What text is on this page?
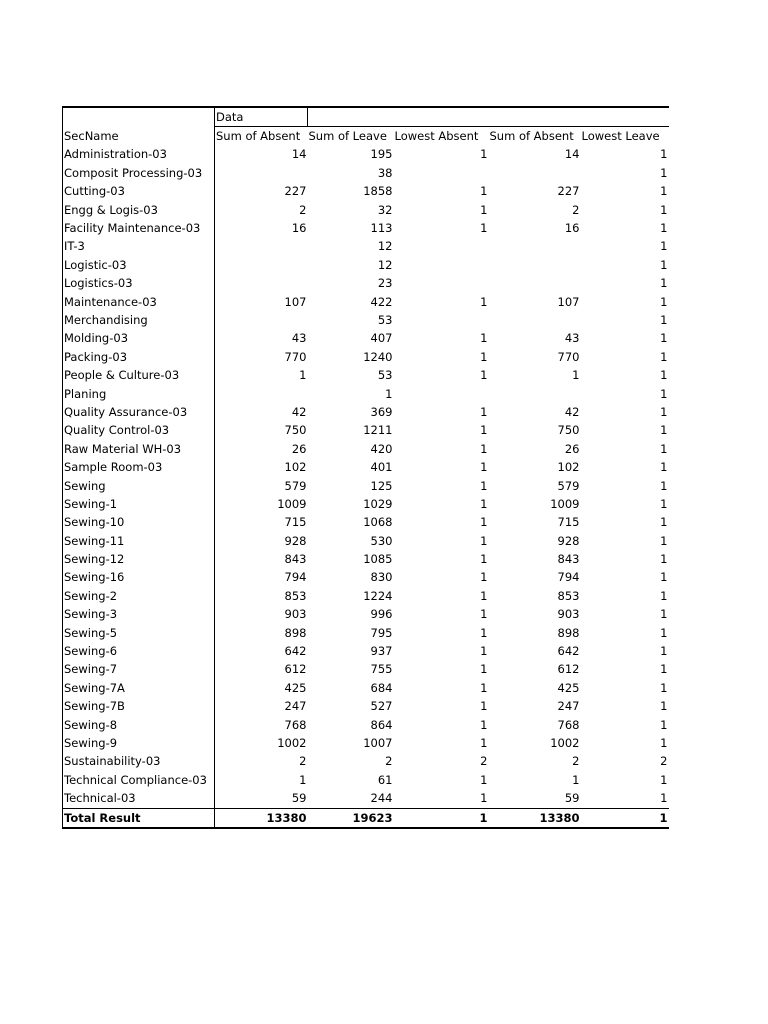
	Data				
SecName	Sum of Absent	Sum of Leave	Lowest Absent	Sum of Absent	Lowest Leave
Administration-03	14	195	1	14	1
Composit Processing-03		38			1
Cutting-03	227	1858	1	227	1
Engg & Logis-03	2	32	1	2	1
Facility Maintenance-03	16	113	1	16	1
IT-3		12			1
Logistic-03		12			1
Logistics-03		23			1
Maintenance-03	107	422	1	107	1
Merchandising		53			1
Molding-03	43	407	1	43	1
Packing-03	770	1240	1	770	1
People & Culture-03	1	53	1	1	1
Planing		1			1
Quality Assurance-03	42	369	1	42	1
Quality Control-03	750	1211	1	750	1
Raw Material WH-03	26	420	1	26	1
Sample Room-03	102	401	1	102	1
Sewing	579	125	1	579	1
Sewing-1	1009	1029	1	1009	1
Sewing-10	715	1068	1	715	1
Sewing-11	928	530	1	928	1
Sewing-12	843	1085	1	843	1
Sewing-16	794	830	1	794	1
Sewing-2	853	1224	1	853	1
Sewing-3	903	996	1	903	1
Sewing-5	898	795	1	898	1
Sewing-6	642	937	1	642	1
Sewing-7	612	755	1	612	1
Sewing-7A	425	684	1	425	1
Sewing-7B	247	527	1	247	1
Sewing-8	768	864	1	768	1
Sewing-9	1002	1007	1	1002	1
Sustainability-03	2	2	2	2	2
Technical Compliance-03	1	61	1	1	1
Technical-03	59	244	1	59	1
Total Result	13380	19623	1	13380	1
